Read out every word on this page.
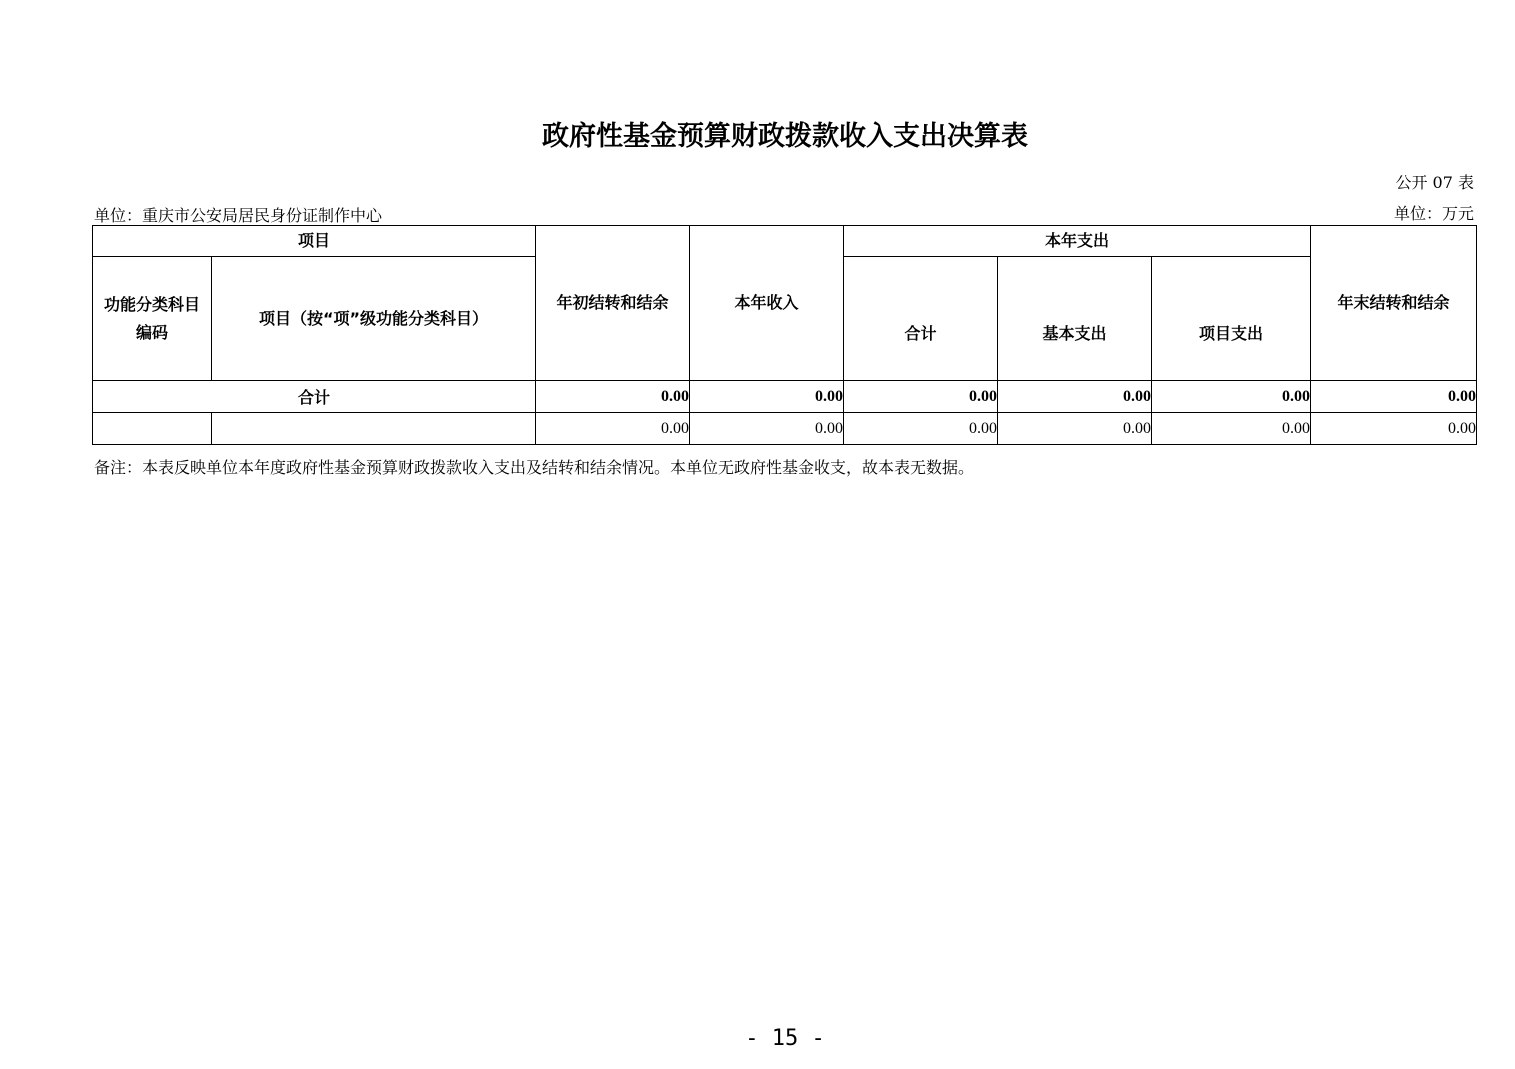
政府性基金预算财政拨款收入支出决算表
公开 07 表
单位：重庆市公安局居民身份证制作中心	单位：万元
项目		年初结转和结余	本年收入	本年支出			年末结转和结余
功能分类科目编码	项目（按“项”级功能分类科目）			合计	基本支出	项目支出	
合计		0.00	0.00	0.00	0.00	0.00	0.00
		0.00	0.00	0.00	0.00	0.00	0.00
备注：本表反映单位本年度政府性基金预算财政拨款收入支出及结转和结余情况。本单位无政府性基金收支，故本表无数据。
- 15 -
